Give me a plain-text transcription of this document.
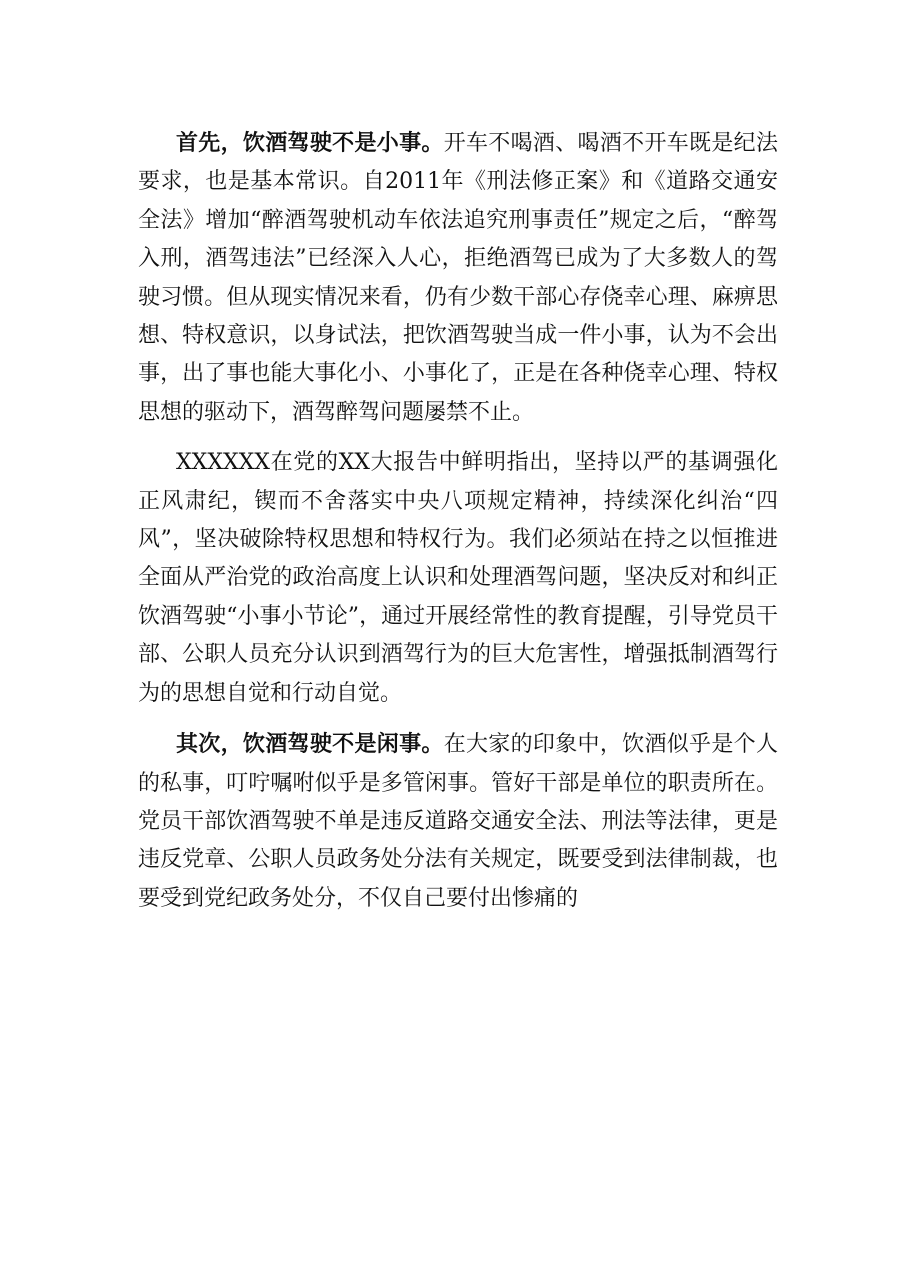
首先，饮酒驾驶不是小事。开车不喝酒、喝酒不开车既是纪法要求，也是基本常识。自2011年《刑法修正案》和《道路交通安全法》增加“醉酒驾驶机动车依法追究刑事责任”规定之后，“醉驾入刑，酒驾违法”已经深入人心，拒绝酒驾已成为了大多数人的驾驶习惯。但从现实情况来看，仍有少数干部心存侥幸心理、麻痹思想、特权意识，以身试法，把饮酒驾驶当成一件小事，认为不会出事，出了事也能大事化小、小事化了，正是在各种侥幸心理、特权思想的驱动下，酒驾醉驾问题屡禁不止。

XXXXXX在党的XX大报告中鲜明指出，坚持以严的基调强化正风肃纪，锲而不舍落实中央八项规定精神，持续深化纠治“四风”，坚决破除特权思想和特权行为。我们必须站在持之以恒推进全面从严治党的政治高度上认识和处理酒驾问题，坚决反对和纠正饮酒驾驶“小事小节论”，通过开展经常性的教育提醒，引导党员干部、公职人员充分认识到酒驾行为的巨大危害性，增强抵制酒驾行为的思想自觉和行动自觉。

其次，饮酒驾驶不是闲事。在大家的印象中，饮酒似乎是个人的私事，叮咛嘱咐似乎是多管闲事。管好干部是单位的职责所在。党员干部饮酒驾驶不单是违反道路交通安全法、刑法等法律，更是违反党章、公职人员政务处分法有关规定，既要受到法律制裁，也要受到党纪政务处分，不仅自己要付出惨痛的
